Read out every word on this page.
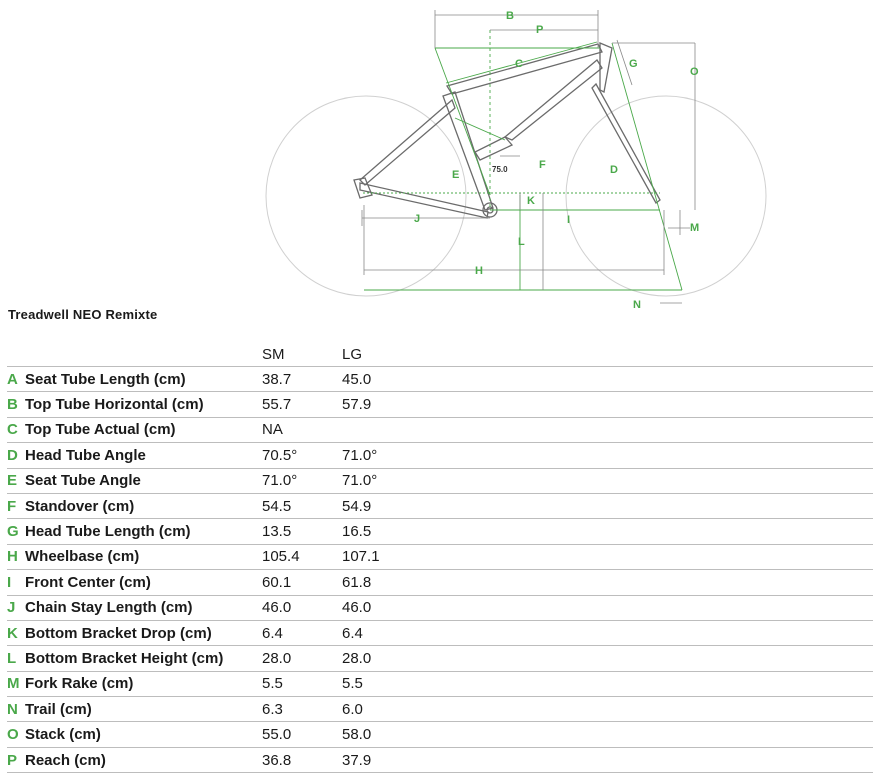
B
P
C	G
O
F	D
E
K
J	I
M
L
H
N
75.0
Treadwell NEO Remixte
		SM	LG
A	Seat Tube Length (cm)	38.7	45.0
B	Top Tube Horizontal (cm)	55.7	57.9
C	Top Tube Actual (cm)	NA	
D	Head Tube Angle	70.5°	71.0°
E	Seat Tube Angle	71.0°	71.0°
F	Standover (cm)	54.5	54.9
G	Head Tube Length (cm)	13.5	16.5
H	Wheelbase (cm)	105.4	107.1
I	Front Center (cm)	60.1	61.8
J	Chain Stay Length (cm)	46.0	46.0
K	Bottom Bracket Drop (cm)	6.4	6.4
L	Bottom Bracket Height (cm)	28.0	28.0
M	Fork Rake (cm)	5.5	5.5
N	Trail (cm)	6.3	6.0
O	Stack (cm)	55.0	58.0
P	Reach (cm)	36.8	37.9
